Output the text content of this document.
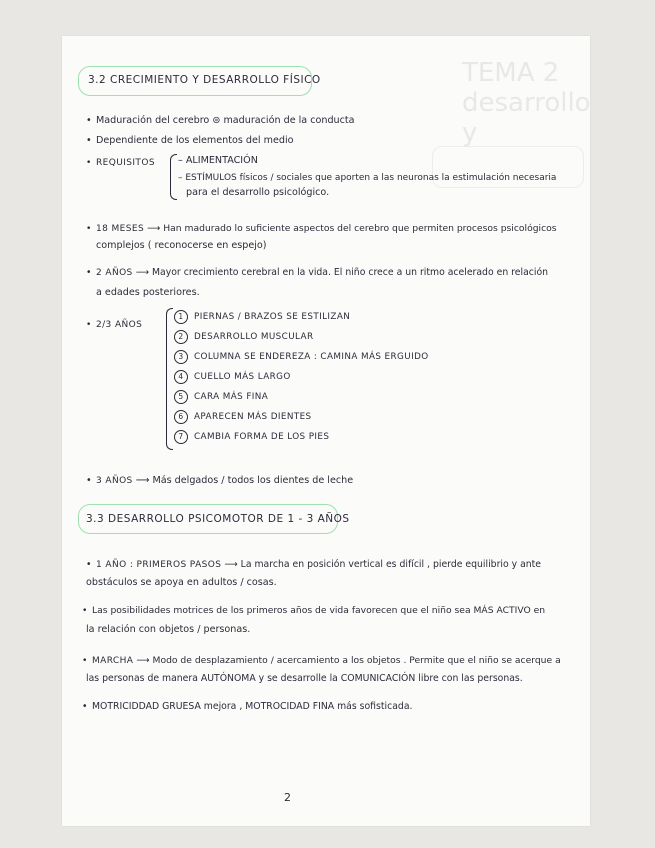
TEMA 2 desarrollo y
3.2 CRECIMIENTO Y DESARROLLO FÍSICO
• Maduración del cerebro ⊜ maduración de la conducta
• Dependiente de los elementos del medio
• REQUISITOS – ALIMENTACIÓN
– ESTÍMULOS físicos / sociales que aporten a las neuronas la estimulación necesaria
para el desarrollo psicológico.
• 18 MESES ⟶ Han madurado lo suficiente aspectos del cerebro que permiten procesos psicológicos
complejos ( reconocerse en espejo)
• 2 AÑOS ⟶ Mayor crecimiento cerebral en la vida. El niño crece a un ritmo acelerado en relación
a edades posteriores.
• 2/3 AÑOS
1 PIERNAS / BRAZOS SE ESTILIZAN
2 DESARROLLO MUSCULAR
3 COLUMNA SE ENDEREZA : CAMINA MÁS ERGUIDO
4 CUELLO MÁS LARGO
5 CARA MÁS FINA
6 APARECEN MÁS DIENTES
7 CAMBIA FORMA DE LOS PIES
• 3 AÑOS ⟶ Más delgados / todos los dientes de leche
3.3 DESARROLLO PSICOMOTOR DE 1 - 3 AÑOS
• 1 AÑO : PRIMEROS PASOS ⟶ La marcha en posición vertical es difícil , pierde equilibrio y ante
obstáculos se apoya en adultos / cosas.
• Las posibilidades motrices de los primeros años de vida favorecen que el niño sea MÁS ACTIVO en
la relación con objetos / personas.
• MARCHA ⟶ Modo de desplazamiento / acercamiento a los objetos . Permite que el niño se acerque a
las personas de manera AUTÓNOMA y se desarrolle la COMUNICACIÓN libre con las personas.
• MOTRICIDDAD GRUESA mejora , MOTROCIDAD FINA más sofisticada.
2
